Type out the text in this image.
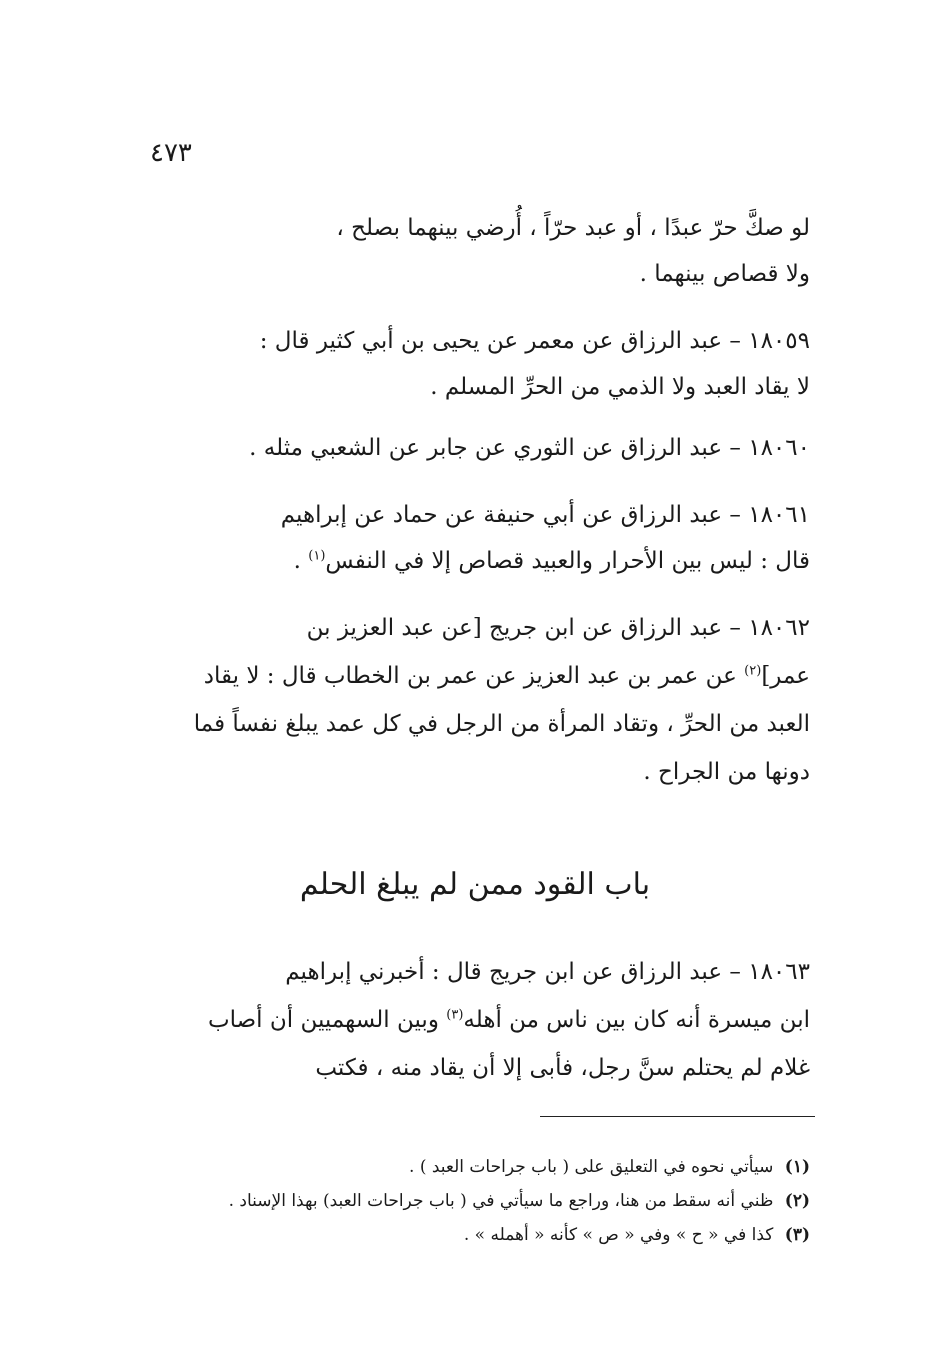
٤٧٣
لو صكَّ حرّ عبدًا ، أو عبد حرّاً ، أُرضي بينهما بصلح ،
ولا قصاص بينهما .
١٨٠٥٩ – عبد الرزاق عن معمر عن يحيى بن أبي كثير قال :
لا يقاد العبد ولا الذمي من الحرِّ المسلم .
١٨٠٦٠ – عبد الرزاق عن الثوري عن جابر عن الشعبي مثله .
١٨٠٦١ – عبد الرزاق عن أبي حنيفة عن حماد عن إبراهيم
قال : ليس بين الأحرار والعبيد قصاص إلا في النفس$^{(١)}$ .
١٨٠٦٢ – عبد الرزاق عن ابن جريج [عن عبد العزيز بن
عمر]$^{(٢)}$ عن عمر بن عبد العزيز عن عمر بن الخطاب قال : لا يقاد
العبد من الحرِّ ، وتقاد المرأة من الرجل في كل عمد يبلغ نفساً فما
دونها من الجراح .
باب القود ممن لم يبلغ الحلم
١٨٠٦٣ – عبد الرزاق عن ابن جريج قال : أخبرني إبراهيم
ابن ميسرة أنه كان بين ناس من أهله$^{(٣)}$ وبين السهميين أن أصاب
غلام لم يحتلم سنَّ رجل، فأبى إلا أن يقاد منه ، فكتب
(١) سيأتي نحوه في التعليق على ( باب جراحات العبد ) .
(٢) ظني أنه سقط من هنا، وراجع ما سيأتي في ( باب جراحات العبد) بهذا الإسناد .
(٣) كذا في « ح » وفي « ص » كأنه « أهمله » .
